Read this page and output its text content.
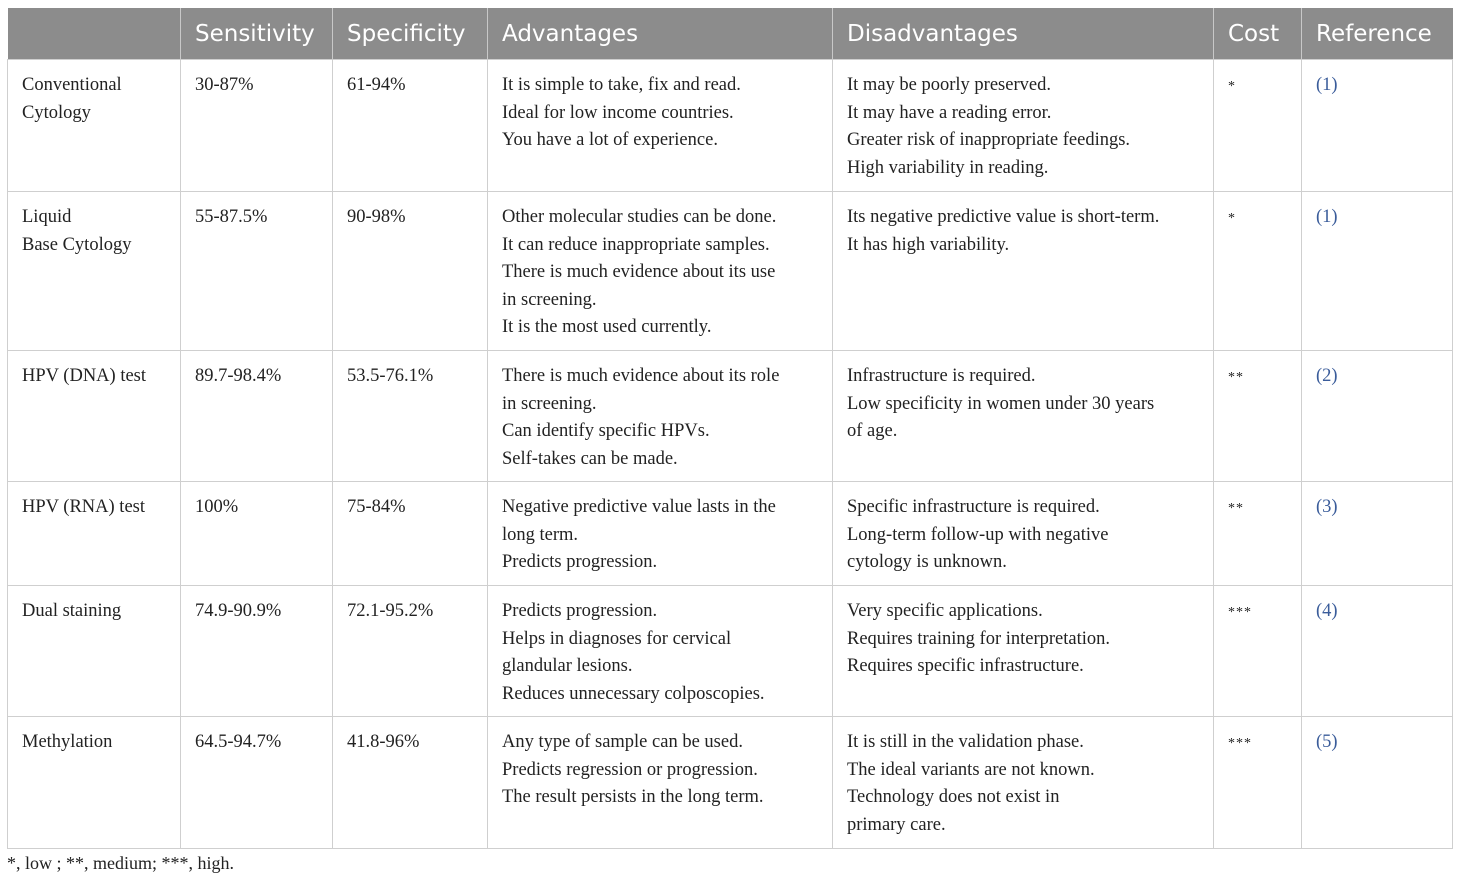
	Sensitivity	Specificity	Advantages	Disadvantages	Cost	Reference

Conventional
Cytology	30-87%	61-94%	It is simple to take, fix and read.
Ideal for low income countries.
You have a lot of experience.	It may be poorly preserved.
It may have a reading error.
Greater risk of inappropriate feedings.
High variability in reading.	*	(1)

Liquid
Base Cytology	55-87.5%	90-98%	Other molecular studies can be done.
It can reduce inappropriate samples.
There is much evidence about its use
in screening.
It is the most used currently.	Its negative predictive value is short-term.
It has high variability.	*	(1)

HPV (DNA) test	89.7-98.4%	53.5-76.1%	There is much evidence about its role
in screening.
Can identify specific HPVs.
Self-takes can be made.	Infrastructure is required.
Low specificity in women under 30 years
of age.	**	(2)

HPV (RNA) test	100%	75-84%	Negative predictive value lasts in the
long term.
Predicts progression.	Specific infrastructure is required.
Long-term follow-up with negative
cytology is unknown.	**	(3)

Dual staining	74.9-90.9%	72.1-95.2%	Predicts progression.
Helps in diagnoses for cervical
glandular lesions.
Reduces unnecessary colposcopies.	Very specific applications.
Requires training for interpretation.
Requires specific infrastructure.	***	(4)

Methylation	64.5-94.7%	41.8-96%	Any type of sample can be used.
Predicts regression or progression.
The result persists in the long term.	It is still in the validation phase.
The ideal variants are not known.
Technology does not exist in
primary care.	***	(5)
*, low ; **, medium; ***, high.
